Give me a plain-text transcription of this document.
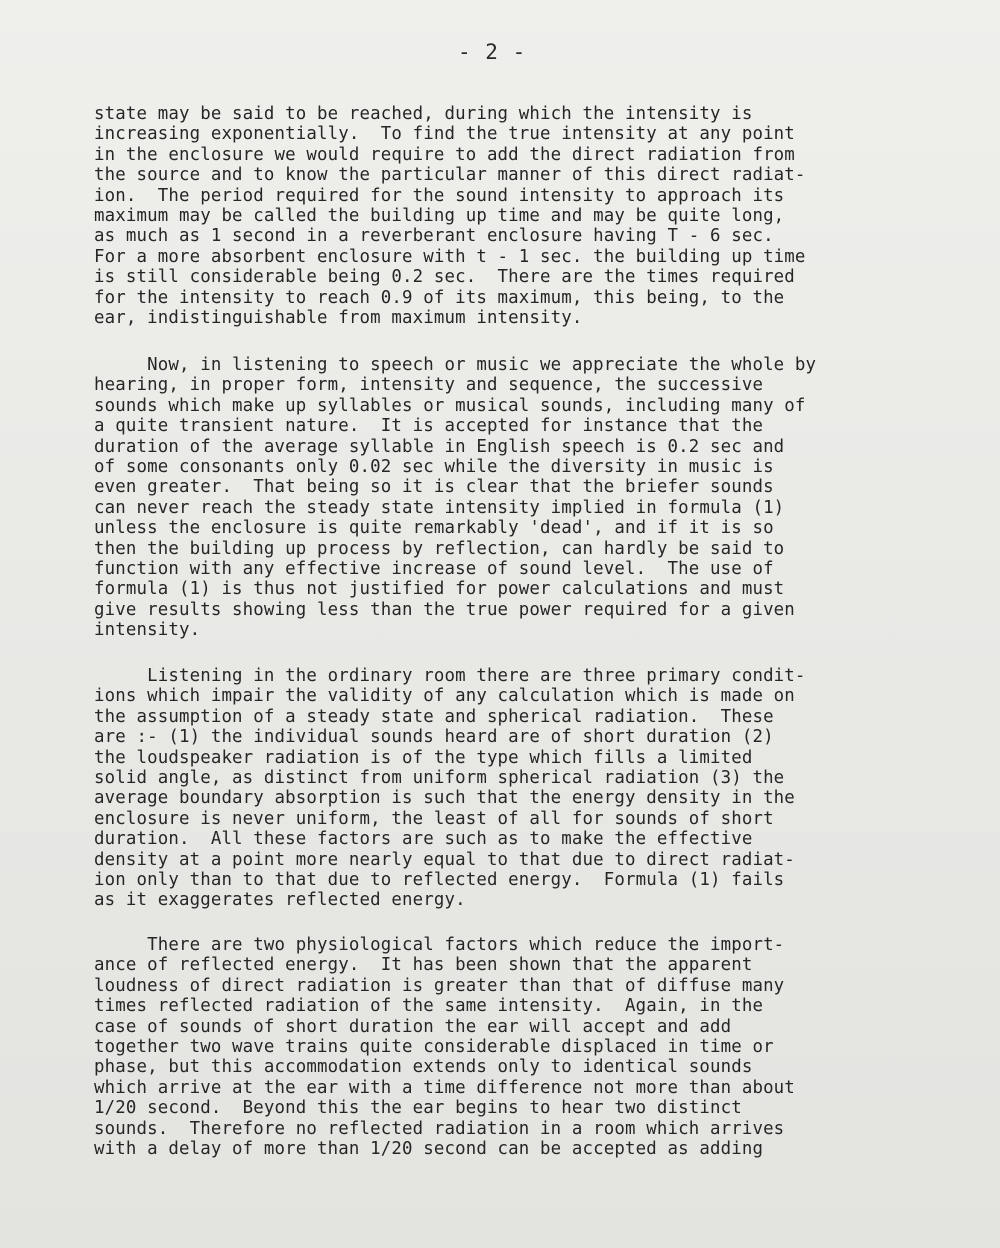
- 2 -
state may be said to be reached, during which the intensity is
increasing exponentially.  To find the true intensity at any point
in the enclosure we would require to add the direct radiation from
the source and to know the particular manner of this direct radiat-
ion.  The period required for the sound intensity to approach its
maximum may be called the building up time and may be quite long,
as much as 1 second in a reverberant enclosure having T - 6 sec.
For a more absorbent enclosure with t - 1 sec. the building up time
is still considerable being 0.2 sec.  There are the times required
for the intensity to reach 0.9 of its maximum, this being, to the
ear, indistinguishable from maximum intensity.
Now, in listening to speech or music we appreciate the whole by
hearing, in proper form, intensity and sequence, the successive
sounds which make up syllables or musical sounds, including many of
a quite transient nature.  It is accepted for instance that the
duration of the average syllable in English speech is 0.2 sec and
of some consonants only 0.02 sec while the diversity in music is
even greater.  That being so it is clear that the briefer sounds
can never reach the steady state intensity implied in formula (1)
unless the enclosure is quite remarkably 'dead', and if it is so
then the building up process by reflection, can hardly be said to
function with any effective increase of sound level.  The use of
formula (1) is thus not justified for power calculations and must
give results showing less than the true power required for a given
intensity.
Listening in the ordinary room there are three primary condit-
ions which impair the validity of any calculation which is made on
the assumption of a steady state and spherical radiation.  These
are :- (1) the individual sounds heard are of short duration (2)
the loudspeaker radiation is of the type which fills a limited
solid angle, as distinct from uniform spherical radiation (3) the
average boundary absorption is such that the energy density in the
enclosure is never uniform, the least of all for sounds of short
duration.  All these factors are such as to make the effective
density at a point more nearly equal to that due to direct radiat-
ion only than to that due to reflected energy.  Formula (1) fails
as it exaggerates reflected energy.
There are two physiological factors which reduce the import-
ance of reflected energy.  It has been shown that the apparent
loudness of direct radiation is greater than that of diffuse many
times reflected radiation of the same intensity.  Again, in the
case of sounds of short duration the ear will accept and add
together two wave trains quite considerable displaced in time or
phase, but this accommodation extends only to identical sounds
which arrive at the ear with a time difference not more than about
1/20 second.  Beyond this the ear begins to hear two distinct
sounds.  Therefore no reflected radiation in a room which arrives
with a delay of more than 1/20 second can be accepted as adding
